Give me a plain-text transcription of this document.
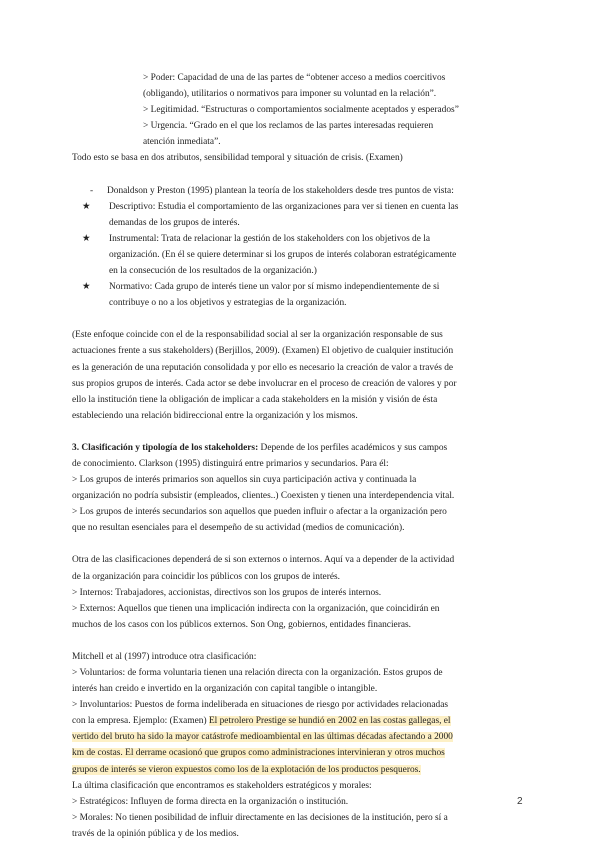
> Poder: Capacidad de una de las partes de “obtener acceso a medios coercitivos

(obligando), utilitarios o normativos para imponer su voluntad en la relación”.

> Legitimidad. “Estructuras o comportamientos socialmente aceptados y esperados”

> Urgencia. “Grado en el que los reclamos de las partes interesadas requieren

atención inmediata”.

Todo esto se basa en dos atributos, sensibilidad temporal y situación de crisis. (Examen)

-	Donaldson y Preston (1995) plantean la teoría de los stakeholders desde tres puntos de vista:
★	Descriptivo: Estudia el comportamiento de las organizaciones para ver si tienen en cuenta las
demandas de los grupos de interés.
★	Instrumental: Trata de relacionar la gestión de los stakeholders con los objetivos de la
organización. (En él se quiere determinar si los grupos de interés colaboran estratégicamente
en la consecución de los resultados de la organización.)
★	Normativo: Cada grupo de interés tiene un valor por sí mismo independientemente de si
contribuye o no a los objetivos y estrategias de la organización.
(Este enfoque coincide con el de la responsabilidad social al ser la organización responsable de sus
actuaciones frente a sus stakeholders) (Berjillos, 2009). (Examen) El objetivo de cualquier institución
es la generación de una reputación consolidada y por ello es necesario la creación de valor a través de
sus propios grupos de interés. Cada actor se debe involucrar en el proceso de creación de valores y por
ello la institución tiene la obligación de implicar a cada stakeholders en la misión y visión de ésta
estableciendo una relación bidireccional entre la organización y los mismos.
3. Clasificación y tipología de los stakeholders: Depende de los perfiles académicos y sus campos
de conocimiento. Clarkson (1995) distinguirá entre primarios y secundarios. Para él:
> Los grupos de interés primarios son aquellos sin cuya participación activa y continuada la
organización no podría subsistir (empleados, clientes..) Coexisten y tienen una interdependencia vital.
> Los grupos de interés secundarios son aquellos que pueden influir o afectar a la organización pero
que no resultan esenciales para el desempeño de su actividad (medios de comunicación).
Otra de las clasificaciones dependerá de si son externos o internos. Aquí va a depender de la actividad
de la organización para coincidir los públicos con los grupos de interés.
> Internos: Trabajadores, accionistas, directivos son los grupos de interés internos.
> Externos: Aquellos que tienen una implicación indirecta con la organización, que coincidirán en
muchos de los casos con los públicos externos. Son Ong, gobiernos, entidades financieras.
Mitchell et al (1997) introduce otra clasificación:
> Voluntarios: de forma voluntaria tienen una relación directa con la organización. Estos grupos de
interés han creido e invertido en la organización con capital tangible o intangible.
> Involuntarios: Puestos de forma indeliberada en situaciones de riesgo por actividades relacionadas
con la empresa. Ejemplo: (Examen) El petrolero Prestige se hundió en 2002 en las costas gallegas, el
vertido del bruto ha sido la mayor catástrofe medioambiental en las últimas décadas afectando a 2000
km de costas. El derrame ocasionó que grupos como administraciones intervinieran y otros muchos
grupos de interés se vieron expuestos como los de la explotación de los productos pesqueros.
La última clasificación que encontramos es stakeholders estratégicos y morales:
> Estratégicos: Influyen de forma directa en la organización o institución.
> Morales: No tienen posibilidad de influir directamente en las decisiones de la institución, pero sí a
través de la opinión pública y de los medios.
2
